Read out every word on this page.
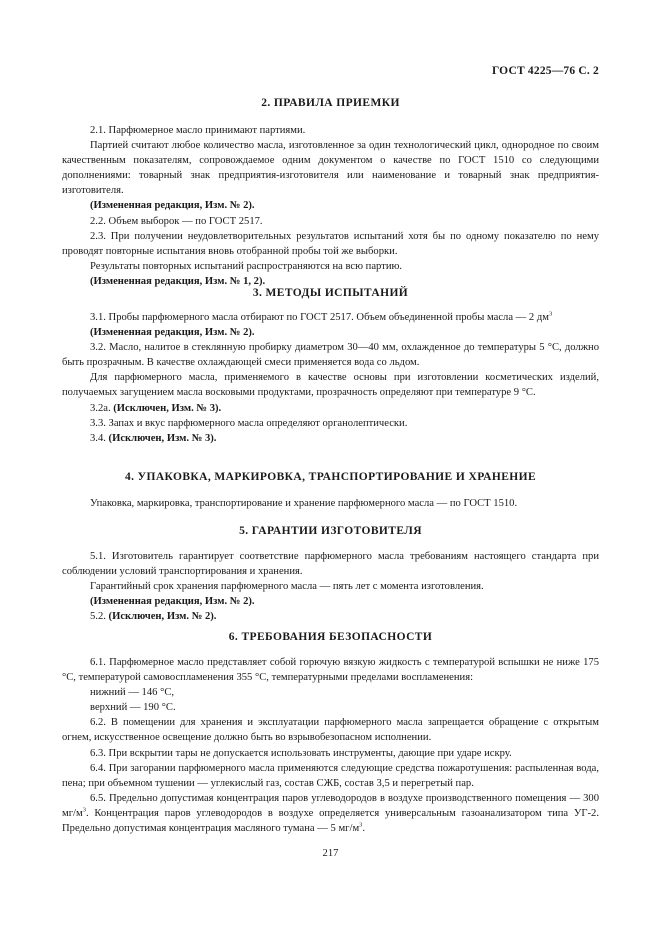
ГОСТ 4225—76 С. 2
2. ПРАВИЛА ПРИЕМКИ

2.1. Парфюмерное масло принимают партиями.

Партией считают любое количество масла, изготовленное за один технологический цикл, однородное по своим качественным показателям, сопровождаемое одним документом о качестве по ГОСТ 1510 со следующими дополнениями: товарный знак предприятия-изготовителя или наименование и товарный знак предприятия-изготовителя.

(Измененная редакция, Изм. № 2).

2.2. Объем выборок — по ГОСТ 2517.

2.3. При получении неудовлетворительных результатов испытаний хотя бы по одному показателю по нему проводят повторные испытания вновь отобранной пробы той же выборки.

Результаты повторных испытаний распространяются на всю партию.

(Измененная редакция, Изм. № 1, 2).

3. МЕТОДЫ ИСПЫТАНИЙ

3.1. Пробы парфюмерного масла отбирают по ГОСТ 2517. Объем объединенной пробы масла — 2 $дм^3$

(Измененная редакция, Изм. № 2).

3.2. Масло, налитое в стеклянную пробирку диаметром 30—40 мм, охлажденное до температуры 5 °С, должно быть прозрачным. В качестве охлаждающей смеси применяется вода со льдом.

Для парфюмерного масла, применяемого в качестве основы при изготовлении косметических изделий, получаемых загущением масла восковыми продуктами, прозрачность определяют при температуре 9 °С.

3.2а. (Исключен, Изм. № 3).

3.3. Запах и вкус парфюмерного масла определяют органолептически.

3.4. (Исключен, Изм. № 3).

4. УПАКОВКА, МАРКИРОВКА, ТРАНСПОРТИРОВАНИЕ И ХРАНЕНИЕ

Упаковка, маркировка, транспортирование и хранение парфюмерного масла — по ГОСТ 1510.

5. ГАРАНТИИ ИЗГОТОВИТЕЛЯ

5.1. Изготовитель гарантирует соответствие парфюмерного масла требованиям настоящего стандарта при соблюдении условий транспортирования и хранения.

Гарантийный срок хранения парфюмерного масла — пять лет с момента изготовления.

(Измененная редакция, Изм. № 2).

5.2. (Исключен, Изм. № 2).

6. ТРЕБОВАНИЯ БЕЗОПАСНОСТИ

6.1. Парфюмерное масло представляет собой горючую вязкую жидкость с температурой вспышки не ниже 175 °С, температурой самовоспламенения 355 °С, температурными пределами воспламенения:

нижний — 146 °С,

верхний — 190 °С.

6.2. В помещении для хранения и эксплуатации парфюмерного масла запрещается обращение с открытым огнем, искусственное освещение должно быть во взрывобезопасном исполнении.

6.3. При вскрытии тары не допускается использовать инструменты, дающие при ударе искру.

6.4. При загорании парфюмерного масла применяются следующие средства пожаротушения: распыленная вода, пена; при объемном тушении — углекислый газ, состав СЖБ, состав 3,5 и перегретый пар.

6.5. Предельно допустимая концентрация паров углеводородов в воздухе производственного помещения — 300 $мг/м^3$. Концентрация паров углеводородов в воздухе определяется универсальным газоанализатором типа УГ-2. Предельно допустимая концентрация масляного тумана — 5 $мг/м^3$.

217
